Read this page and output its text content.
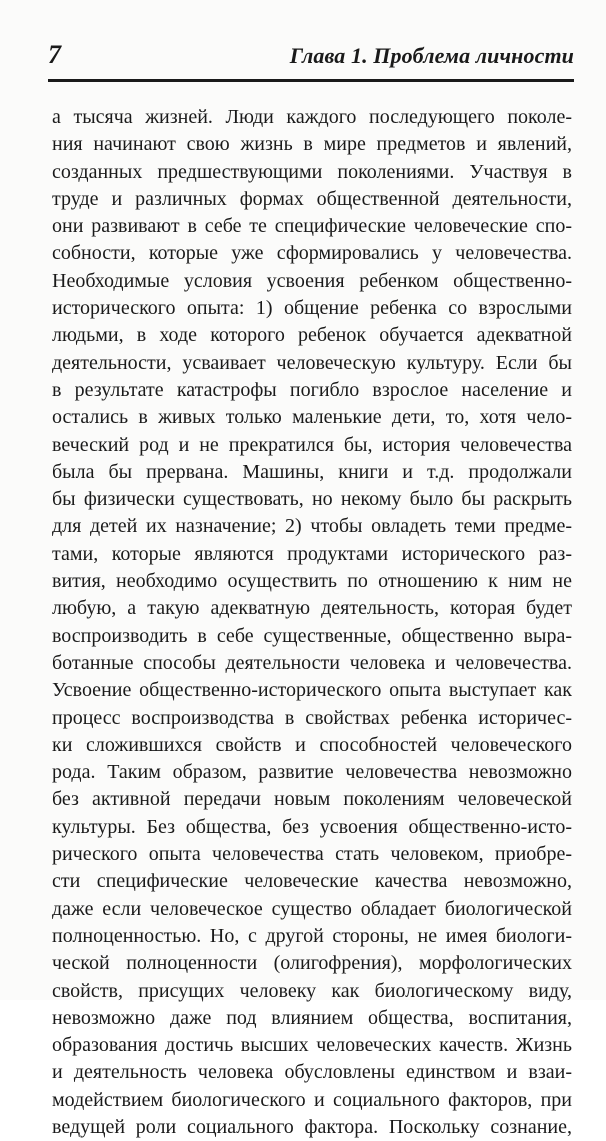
7	Глава 1. Проблема личности
а тысяча жизней. Люди каждого последующего поколе-
ния начинают свою жизнь в мире предметов и явлений,
созданных предшествующими поколениями. Участвуя в
труде и различных формах общественной деятельности,
они развивают в себе те специфические человеческие спо-
собности, которые уже сформировались у человечества.
Необходимые условия усвоения ребенком общественно-
исторического опыта: 1) общение ребенка со взрослыми
людьми, в ходе которого ребенок обучается адекватной
деятельности, усваивает человеческую культуру. Если бы
в результате катастрофы погибло взрослое население и
остались в живых только маленькие дети, то, хотя чело-
веческий род и не прекратился бы, история человечества
была бы прервана. Машины, книги и т.д. продолжали
бы физически существовать, но некому было бы раскрыть
для детей их назначение; 2) чтобы овладеть теми предме-
тами, которые являются продуктами исторического раз-
вития, необходимо осуществить по отношению к ним не
любую, а такую адекватную деятельность, которая будет
воспроизводить в себе существенные, общественно выра-
ботанные способы деятельности человека и человечества.
Усвоение общественно-исторического опыта выступает как
процесс воспроизводства в свойствах ребенка историчес-
ки сложившихся свойств и способностей человеческого
рода. Таким образом, развитие человечества невозможно
без активной передачи новым поколениям человеческой
культуры. Без общества, без усвоения общественно-исто-
рического опыта человечества стать человеком, приобре-
сти специфические человеческие качества невозможно,
даже если человеческое существо обладает биологической
полноценностью. Но, с другой стороны, не имея биологи-
ческой полноценности (олигофрения), морфологических
свойств, присущих человеку как биологическому виду,
невозможно даже под влиянием общества, воспитания,
образования достичь высших человеческих качеств. Жизнь
и деятельность человека обусловлены единством и взаи-
модействием биологического и социального факторов, при
ведущей роли социального фактора. Поскольку сознание,
